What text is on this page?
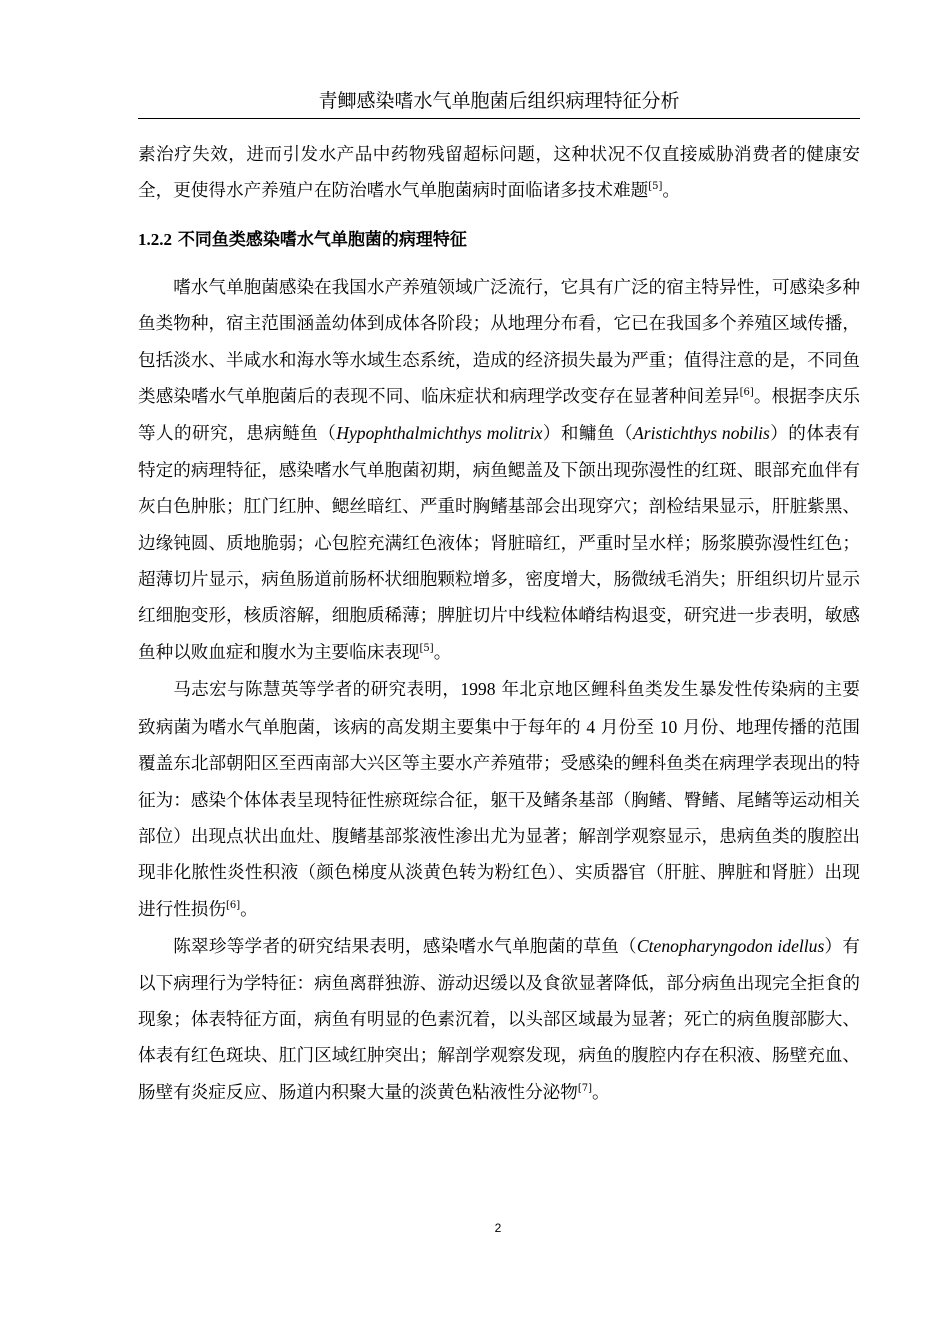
青鲫感染嗜水气单胞菌后组织病理特征分析

素治疗失效，进而引发水产品中药物残留超标问题，这种状况不仅直接威胁消费者的健康安全，更使得水产养殖户在防治嗜水气单胞菌病时面临诸多技术难题[5]。

1.2.2 不同鱼类感染嗜水气单胞菌的病理特征

嗜水气单胞菌感染在我国水产养殖领域广泛流行，它具有广泛的宿主特异性，可感染多种鱼类物种，宿主范围涵盖幼体到成体各阶段；从地理分布看，它已在我国多个养殖区域传播，包括淡水、半咸水和海水等水域生态系统，造成的经济损失最为严重；值得注意的是，不同鱼类感染嗜水气单胞菌后的表现不同、临床症状和病理学改变存在显著种间差异[6]。根据李庆乐等人的研究，患病鲢鱼（Hypophthalmichthys molitrix）和鳙鱼（Aristichthys nobilis）的体表有特定的病理特征，感染嗜水气单胞菌初期，病鱼鳃盖及下颌出现弥漫性的红斑、眼部充血伴有灰白色肿胀；肛门红肿、鳃丝暗红、严重时胸鳍基部会出现穿穴；剖检结果显示，肝脏紫黑、边缘钝圆、质地脆弱；心包腔充满红色液体；肾脏暗红，严重时呈水样；肠浆膜弥漫性红色；超薄切片显示，病鱼肠道前肠杯状细胞颗粒增多，密度增大，肠微绒毛消失；肝组织切片显示红细胞变形，核质溶解，细胞质稀薄；脾脏切片中线粒体嵴结构退变，研究进一步表明，敏感鱼种以败血症和腹水为主要临床表现[5]。

马志宏与陈慧英等学者的研究表明，1998 年北京地区鲤科鱼类发生暴发性传染病的主要致病菌为嗜水气单胞菌，该病的高发期主要集中于每年的 4 月份至 10 月份、地理传播的范围覆盖东北部朝阳区至西南部大兴区等主要水产养殖带；受感染的鲤科鱼类在病理学表现出的特征为：感染个体体表呈现特征性瘀斑综合征，躯干及鳍条基部（胸鳍、臀鳍、尾鳍等运动相关部位）出现点状出血灶、腹鳍基部浆液性渗出尤为显著；解剖学观察显示，患病鱼类的腹腔出现非化脓性炎性积液（颜色梯度从淡黄色转为粉红色）、实质器官（肝脏、脾脏和肾脏）出现进行性损伤[6]。

陈翠珍等学者的研究结果表明，感染嗜水气单胞菌的草鱼（Ctenopharyngodon idellus）有以下病理行为学特征：病鱼离群独游、游动迟缓以及食欲显著降低，部分病鱼出现完全拒食的现象；体表特征方面，病鱼有明显的色素沉着，以头部区域最为显著；死亡的病鱼腹部膨大、体表有红色斑块、肛门区域红肿突出；解剖学观察发现，病鱼的腹腔内存在积液、肠壁充血、肠壁有炎症反应、肠道内积聚大量的淡黄色粘液性分泌物[7]。

2
